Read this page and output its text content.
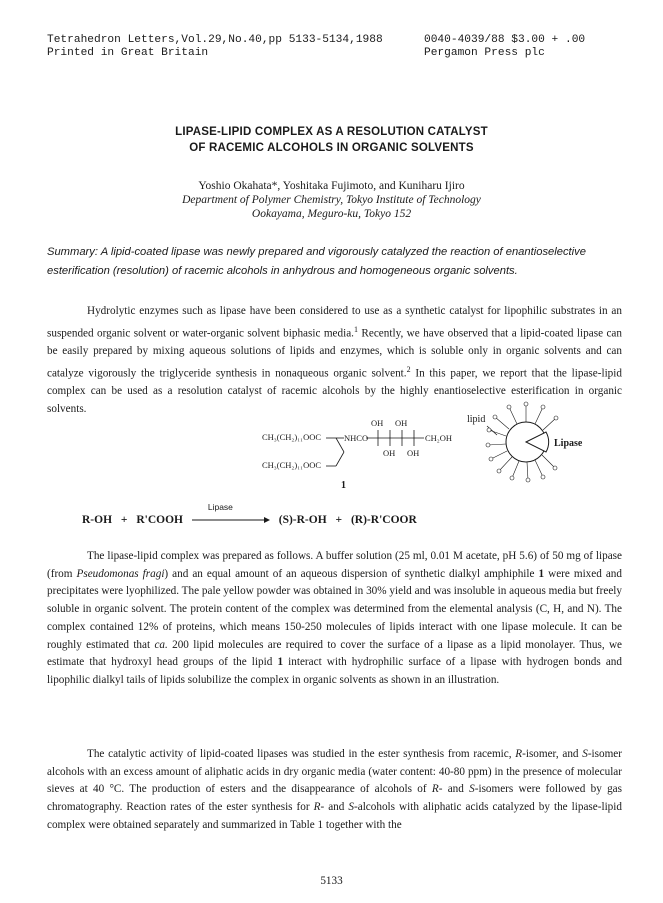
Tetrahedron Letters,Vol.29,No.40,pp 5133-5134,1988
Printed in Great Britain
0040-4039/88 $3.00 + .00
Pergamon Press plc
LIPASE-LIPID COMPLEX AS A RESOLUTION CATALYST
OF RACEMIC ALCOHOLS IN ORGANIC SOLVENTS
Yoshio Okahata*, Yoshitaka Fujimoto, and Kuniharu Ijiro
Department of Polymer Chemistry, Tokyo Institute of Technology
Ookayama, Meguro-ku, Tokyo 152
Summary: A lipid-coated lipase was newly prepared and vigorously catalyzed the reaction of enantioselective esterification (resolution) of racemic alcohols in anhydrous and homogeneous organic solvents.

Hydrolytic enzymes such as lipase have been considered to use as a synthetic catalyst for lipophilic substrates in an suspended organic solvent or water-organic solvent biphasic media.$^1$ Recently, we have observed that a lipid-coated lipase can be easily prepared by mixing aqueous solutions of lipids and enzymes, which is soluble only in organic solvents and can catalyze vigorously the triglyceride synthesis in nonaqueous organic solvent.$^2$ In this paper, we report that the lipase-lipid complex can be used as a resolution catalyst of racemic alcohols by the highly enantioselective esterification in organic solvents.

CH₃(CH₂)₁₁OOC
CH₃(CH₂)₁₁OOC
NHCO
OH OH
OH OH
CH₂OH
1
lipid
Lipase
R-OH + R'COOH
Lipase
(S)-R-OH + (R)-R'COOR

The lipase-lipid complex was prepared as follows. A buffer solution (25 ml, 0.01 M acetate, pH 5.6) of 50 mg of lipase (from Pseudomonas fragi) and an equal amount of an aqueous dispersion of synthetic dialkyl amphiphile 1 were mixed and precipitates were lyophilized. The pale yellow powder was obtained in 30% yield and was insoluble in aqueous media but freely soluble in organic solvent. The protein content of the complex was determined from the elemental analysis (C, H, and N). The complex contained 12% of proteins, which means 150-250 molecules of lipids interact with one lipase molecule. It can be roughly estimated that ca. 200 lipid molecules are required to cover the surface of a lipase as a lipid monolayer. Thus, we estimate that hydroxyl head groups of the lipid 1 interact with hydrophilic surface of a lipase with hydrogen bonds and lipophilic dialkyl tails of lipids solubilize the complex in organic solvents as shown in an illustration.

The catalytic activity of lipid-coated lipases was studied in the ester synthesis from racemic, R-isomer, and S-isomer alcohols with an excess amount of aliphatic acids in dry organic media (water content: 40-80 ppm) in the presence of molecular sieves at 40 °C. The production of esters and the disappearance of alcohols of R- and S-isomers were followed by gas chromatography. Reaction rates of the ester synthesis for R- and S-alcohols with aliphatic acids catalyzed by the lipase-lipid complex were obtained separately and summarized in Table 1 together with the

5133
